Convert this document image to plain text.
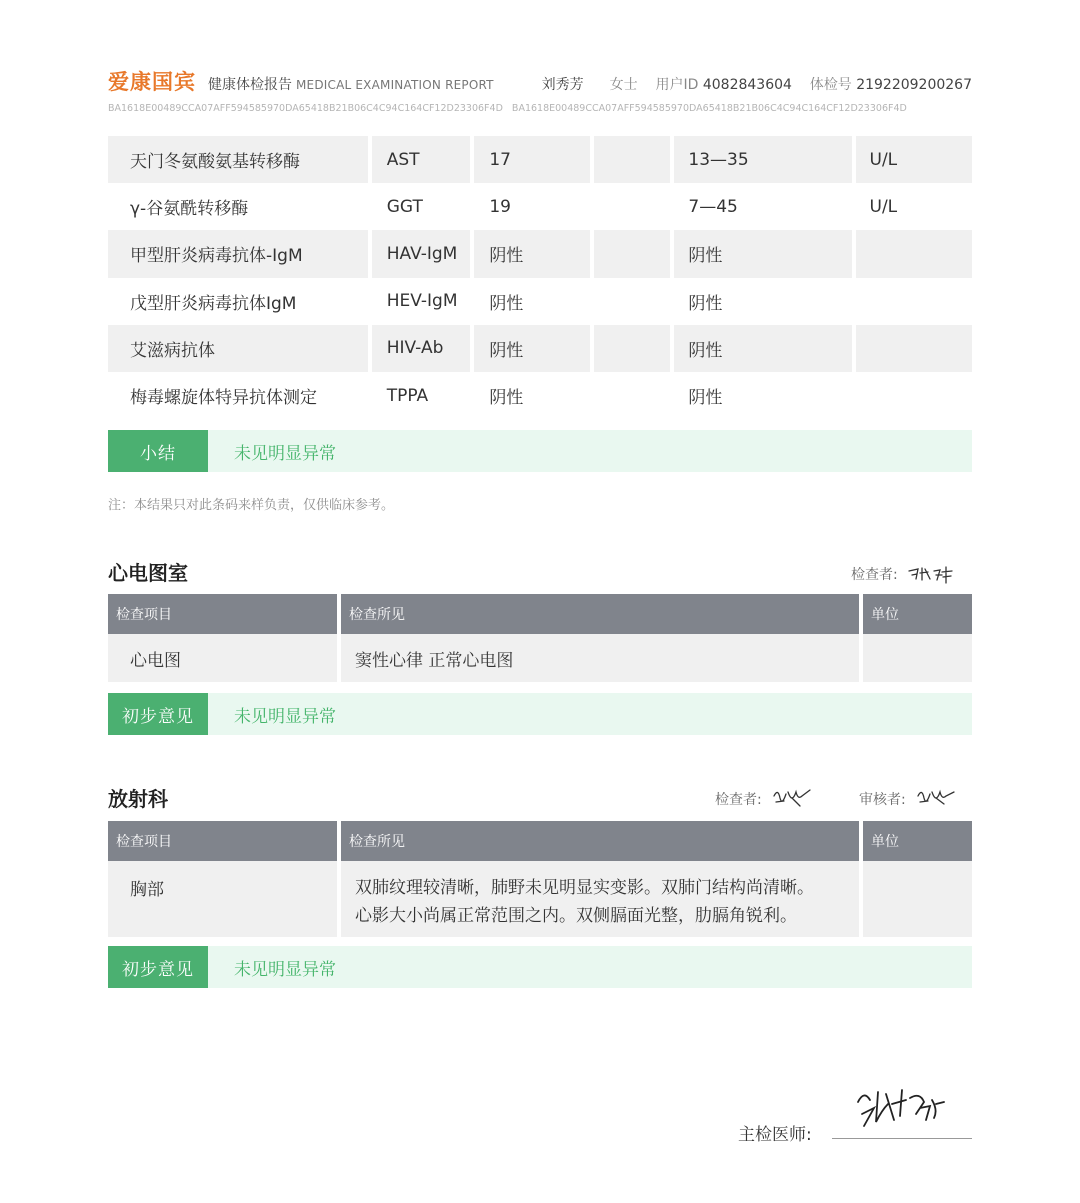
爱康国宾 健康体检报告 MEDICAL EXAMINATION REPORT	刘秀芳 女士 用户ID 4082843604 体检号 2192209200267
BA1618E00489CCA07AFF594585970DA65418B21B06C4C94C164CF12D23306F4D BA1618E00489CCA07AFF594585970DA65418B21B06C4C94C164CF12D23306F4D
天门冬氨酸氨基转移酶	AST	17	13—35	U/L
γ-谷氨酰转移酶	GGT	19	7—45	U/L
甲型肝炎病毒抗体-IgM	HAV-IgM	阴性	阴性
戊型肝炎病毒抗体IgM	HEV-IgM	阴性	阴性
艾滋病抗体	HIV-Ab	阴性	阴性
梅毒螺旋体特异抗体测定	TPPA	阴性	阴性
小结	未见明显异常
注：本结果只对此条码来样负责，仅供临床参考。
心电图室	检查者:
检查项目	检查所见	单位
心电图	窦性心律 正常心电图
初步意见	未见明显异常
放射科	检查者:	审核者:
检查项目	检查所见	单位
胸部	双肺纹理较清晰，肺野未见明显实变影。双肺门结构尚清晰。
心影大小尚属正常范围之内。双侧膈面光整，肋膈角锐利。
初步意见	未见明显异常
主检医师:
